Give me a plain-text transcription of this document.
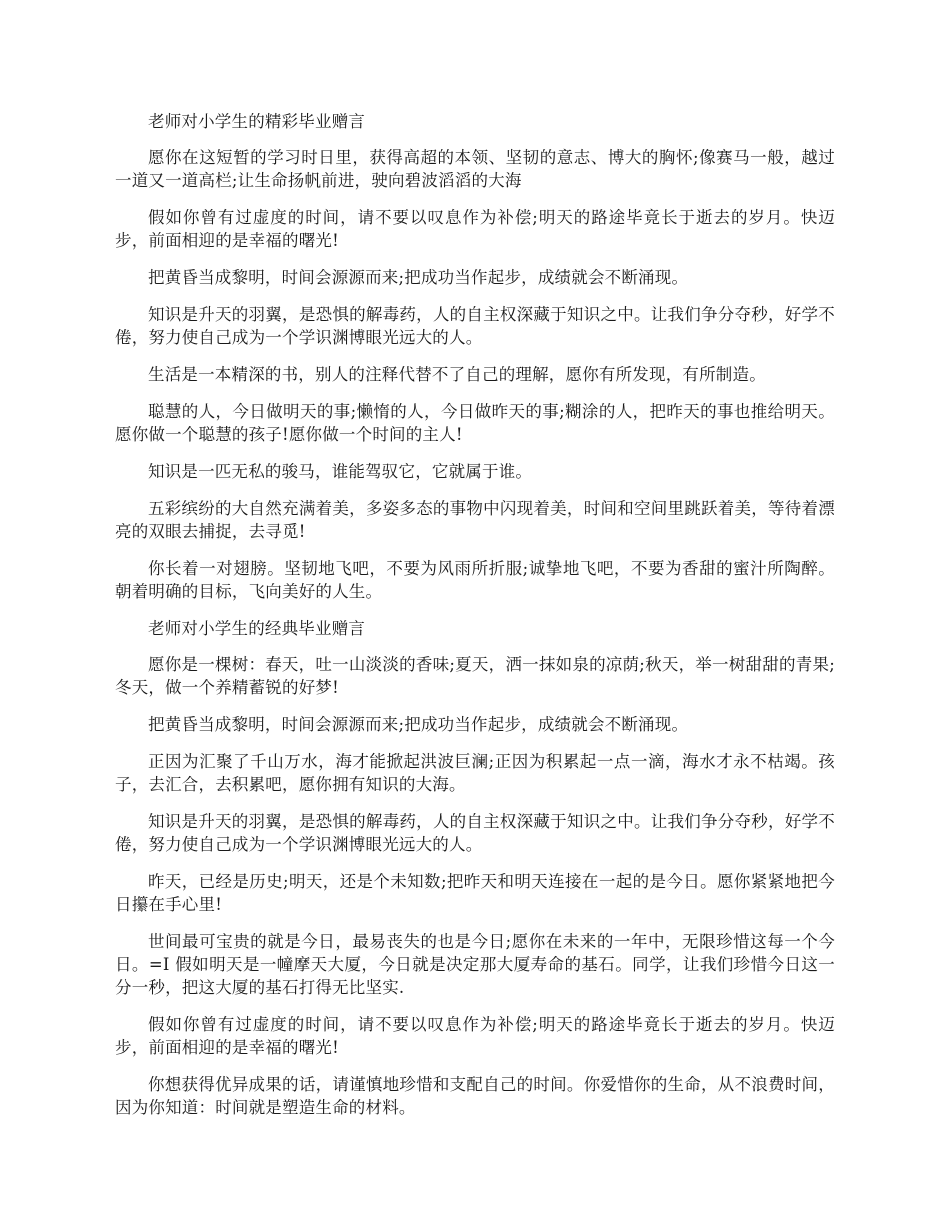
老师对小学生的精彩毕业赠言

愿你在这短暂的学习时日里，获得高超的本领、坚韧的意志、博大的胸怀;像赛马一般，越过一道又一道高栏;让生命扬帆前进，驶向碧波滔滔的大海

假如你曾有过虚度的时间，请不要以叹息作为补偿;明天的路途毕竟长于逝去的岁月。快迈步，前面相迎的是幸福的曙光!

把黄昏当成黎明，时间会源源而来;把成功当作起步，成绩就会不断涌现。

知识是升天的羽翼，是恐惧的解毒药，人的自主权深藏于知识之中。让我们争分夺秒，好学不倦，努力使自己成为一个学识渊博眼光远大的人。

生活是一本精深的书，别人的注释代替不了自己的理解，愿你有所发现，有所制造。

聪慧的人，今日做明天的事;懒惰的人，今日做昨天的事;糊涂的人，把昨天的事也推给明天。愿你做一个聪慧的孩子!愿你做一个时间的主人!

知识是一匹无私的骏马，谁能驾驭它，它就属于谁。

五彩缤纷的大自然充满着美，多姿多态的事物中闪现着美，时间和空间里跳跃着美，等待着漂亮的双眼去捕捉，去寻觅!

你长着一对翅膀。坚韧地飞吧，不要为风雨所折服;诚挚地飞吧，不要为香甜的蜜汁所陶醉。朝着明确的目标，飞向美好的人生。

老师对小学生的经典毕业赠言

愿你是一棵树：春天，吐一山淡淡的香味;夏天，洒一抹如泉的凉荫;秋天，举一树甜甜的青果;冬天，做一个养精蓄锐的好梦!

把黄昏当成黎明，时间会源源而来;把成功当作起步，成绩就会不断涌现。

正因为汇聚了千山万水，海才能掀起洪波巨澜;正因为积累起一点一滴，海水才永不枯竭。孩子，去汇合，去积累吧，愿你拥有知识的大海。

知识是升天的羽翼，是恐惧的解毒药，人的自主权深藏于知识之中。让我们争分夺秒，好学不倦，努力使自己成为一个学识渊博眼光远大的人。

昨天，已经是历史;明天，还是个未知数;把昨天和明天连接在一起的是今日。愿你紧紧地把今日攥在手心里!

世间最可宝贵的就是今日，最易丧失的也是今日;愿你在未来的一年中，无限珍惜这每一个今日。=I 假如明天是一幢摩天大厦，今日就是决定那大厦寿命的基石。同学，让我们珍惜今日这一分一秒，把这大厦的基石打得无比坚实.

假如你曾有过虚度的时间，请不要以叹息作为补偿;明天的路途毕竟长于逝去的岁月。快迈步，前面相迎的是幸福的曙光!

你想获得优异成果的话，请谨慎地珍惜和支配自己的时间。你爱惜你的生命，从不浪费时间，因为你知道：时间就是塑造生命的材料。
